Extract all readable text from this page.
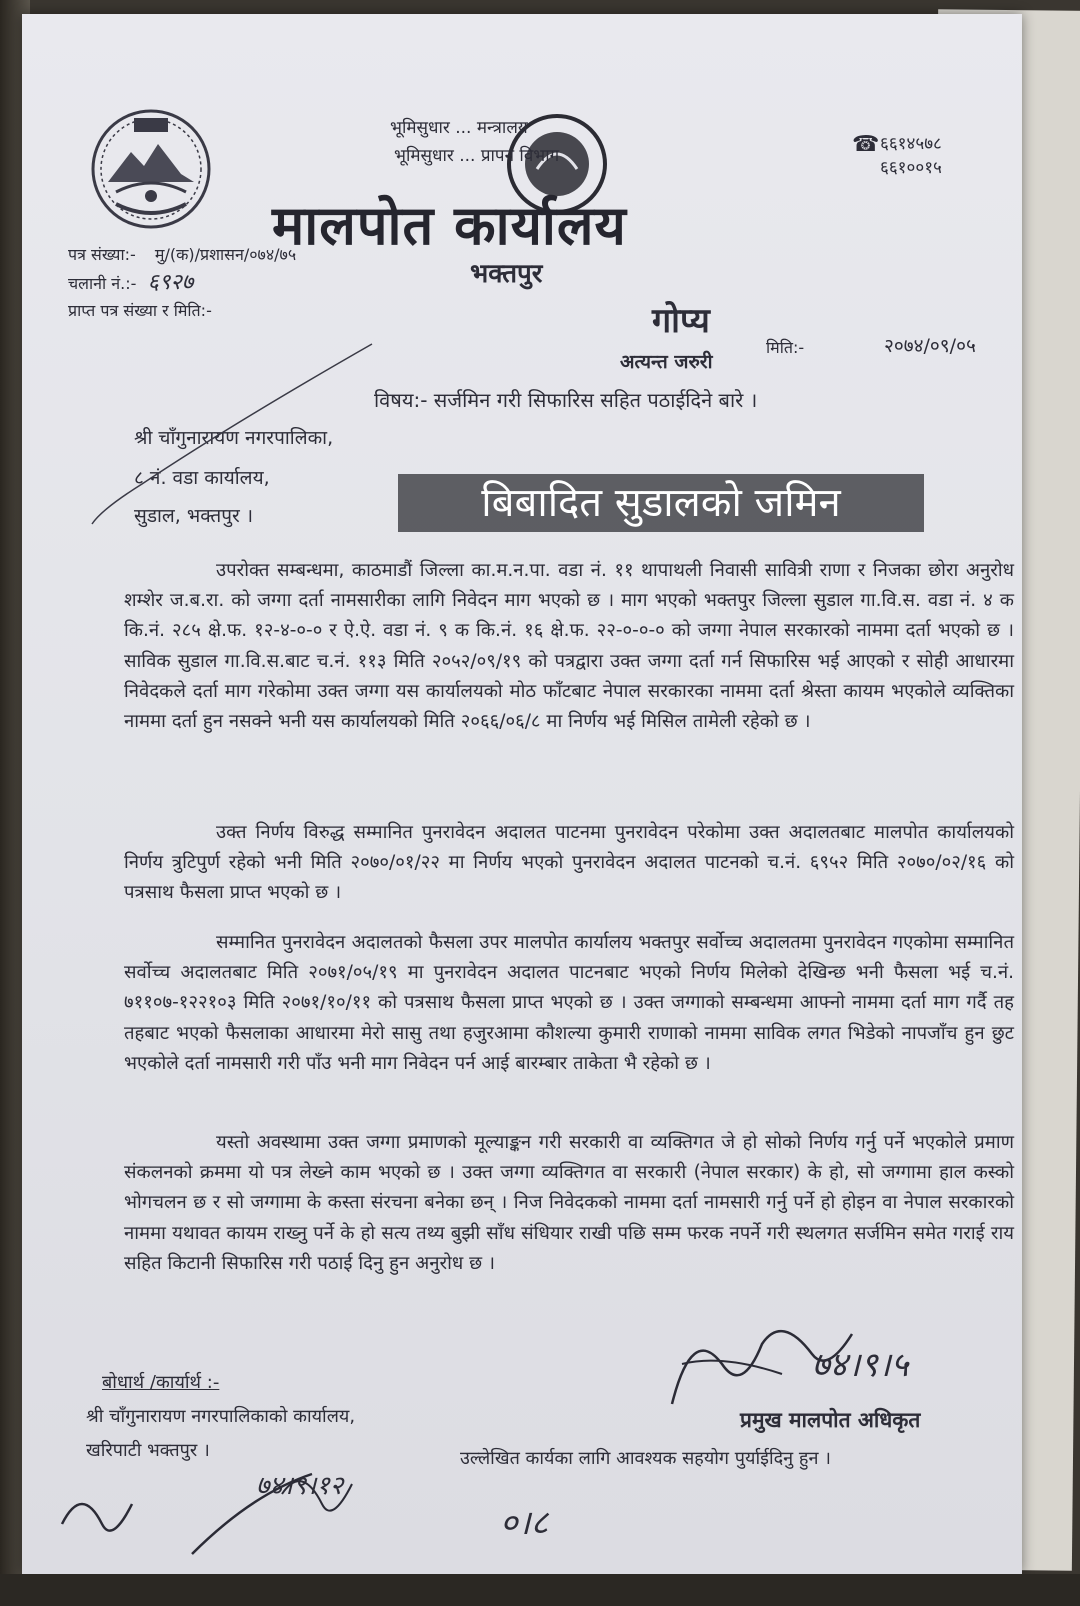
भूमिसुधार ... मन्त्रालय
भूमिसुधार ... प्रापन विभाग
मालपोत कार्यालय
भक्तपुर
☎ ६६१४५७८
६६१००१५
पत्र संख्या:- मु/(क)/प्रशासन/०७४/७५
चलानी नं.:- ६९२७
प्राप्त पत्र संख्या र मिति:-	गोप्य
अत्यन्त जरुरी
मिति:-	२०७४/०९/०५
विषय:- सर्जमिन गरी सिफारिस सहित पठाईदिने बारे ।
श्री चाँगुनारायण नगरपालिका,
८ नं. वडा कार्यालय,
सुडाल, भक्तपुर ।	बिबादित सुडालको जमिन

उपरोक्त सम्बन्धमा, काठमाडौं जिल्ला का.म.न.पा. वडा नं. ११ थापाथली निवासी सावित्री राणा र निजका छोरा अनुरोध शम्शेर ज.ब.रा. को जग्गा दर्ता नामसारीका लागि निवेदन माग भएको छ । माग भएको भक्तपुर जिल्ला सुडाल गा.वि.स. वडा नं. ४ क कि.नं. २८५ क्षे.फ. १२-४-०-० र ऐ.ऐ. वडा नं. ९ क कि.नं. १६ क्षे.फ. २२-०-०-० को जग्गा नेपाल सरकारको नाममा दर्ता भएको छ । साविक सुडाल गा.वि.स.बाट च.नं. ११३ मिति २०५२/०९/१९ को पत्रद्वारा उक्त जग्गा दर्ता गर्न सिफारिस भई आएको र सोही आधारमा निवेदकले दर्ता माग गरेकोमा उक्त जग्गा यस कार्यालयको मोठ फाँटबाट नेपाल सरकारका नाममा दर्ता श्रेस्ता कायम भएकोले व्यक्तिका नाममा दर्ता हुन नसक्ने भनी यस कार्यालयको मिति २०६६/०६/८ मा निर्णय भई मिसिल तामेली रहेको छ ।

उक्त निर्णय विरुद्ध सम्मानित पुनरावेदन अदालत पाटनमा पुनरावेदन परेकोमा उक्त अदालतबाट मालपोत कार्यालयको निर्णय त्रुटिपुर्ण रहेको भनी मिति २०७०/०१/२२ मा निर्णय भएको पुनरावेदन अदालत पाटनको च.नं. ६९५२ मिति २०७०/०२/१६ को पत्रसाथ फैसला प्राप्त भएको छ ।

सम्मानित पुनरावेदन अदालतको फैसला उपर मालपोत कार्यालय भक्तपुर सर्वोच्च अदालतमा पुनरावेदन गएकोमा सम्मानित सर्वोच्च अदालतबाट मिति २०७१/०५/१९ मा पुनरावेदन अदालत पाटनबाट भएको निर्णय मिलेको देखिन्छ भनी फैसला भई च.नं. ७११०७-१२२१०३ मिति २०७१/१०/११ को पत्रसाथ फैसला प्राप्त भएको छ । उक्त जग्गाको सम्बन्धमा आफ्नो नाममा दर्ता माग गर्दै तह तहबाट भएको फैसलाका आधारमा मेरो सासु तथा हजुरआमा कौशल्या कुमारी राणाको नाममा साविक लगत भिडेको नापजाँच हुन छुट भएकोले दर्ता नामसारी गरी पाँउ भनी माग निवेदन पर्न आई बारम्बार ताकेता भै रहेको छ ।

यस्तो अवस्थामा उक्त जग्गा प्रमाणको मूल्याङ्कन गरी सरकारी वा व्यक्तिगत जे हो सोको निर्णय गर्नु पर्ने भएकोले प्रमाण संकलनको क्रममा यो पत्र लेख्ने काम भएको छ । उक्त जग्गा व्यक्तिगत वा सरकारी (नेपाल सरकार) के हो, सो जग्गामा हाल कस्को भोगचलन छ र सो जग्गामा के कस्ता संरचना बनेका छन् । निज निवेदकको नाममा दर्ता नामसारी गर्नु पर्ने हो होइन वा नेपाल सरकारको नाममा यथावत कायम राख्नु पर्ने के हो सत्य तथ्य बुझी साँध संधियार राखी पछि सम्म फरक नपर्ने गरी स्थलगत सर्जमिन समेत गराई राय सहित किटानी सिफारिस गरी पठाई दिनु हुन अनुरोध छ ।

७४।९।५
प्रमुख मालपोत अधिकृत
बोधार्थ /कार्यार्थ :-
श्री चाँगुनारायण नगरपालिकाको कार्यालय,
खरिपाटी भक्तपुर ।	उल्लेखित कार्यका लागि आवश्यक सहयोग पुर्याईदिनु हुन ।
७४।९।१२
०।८
